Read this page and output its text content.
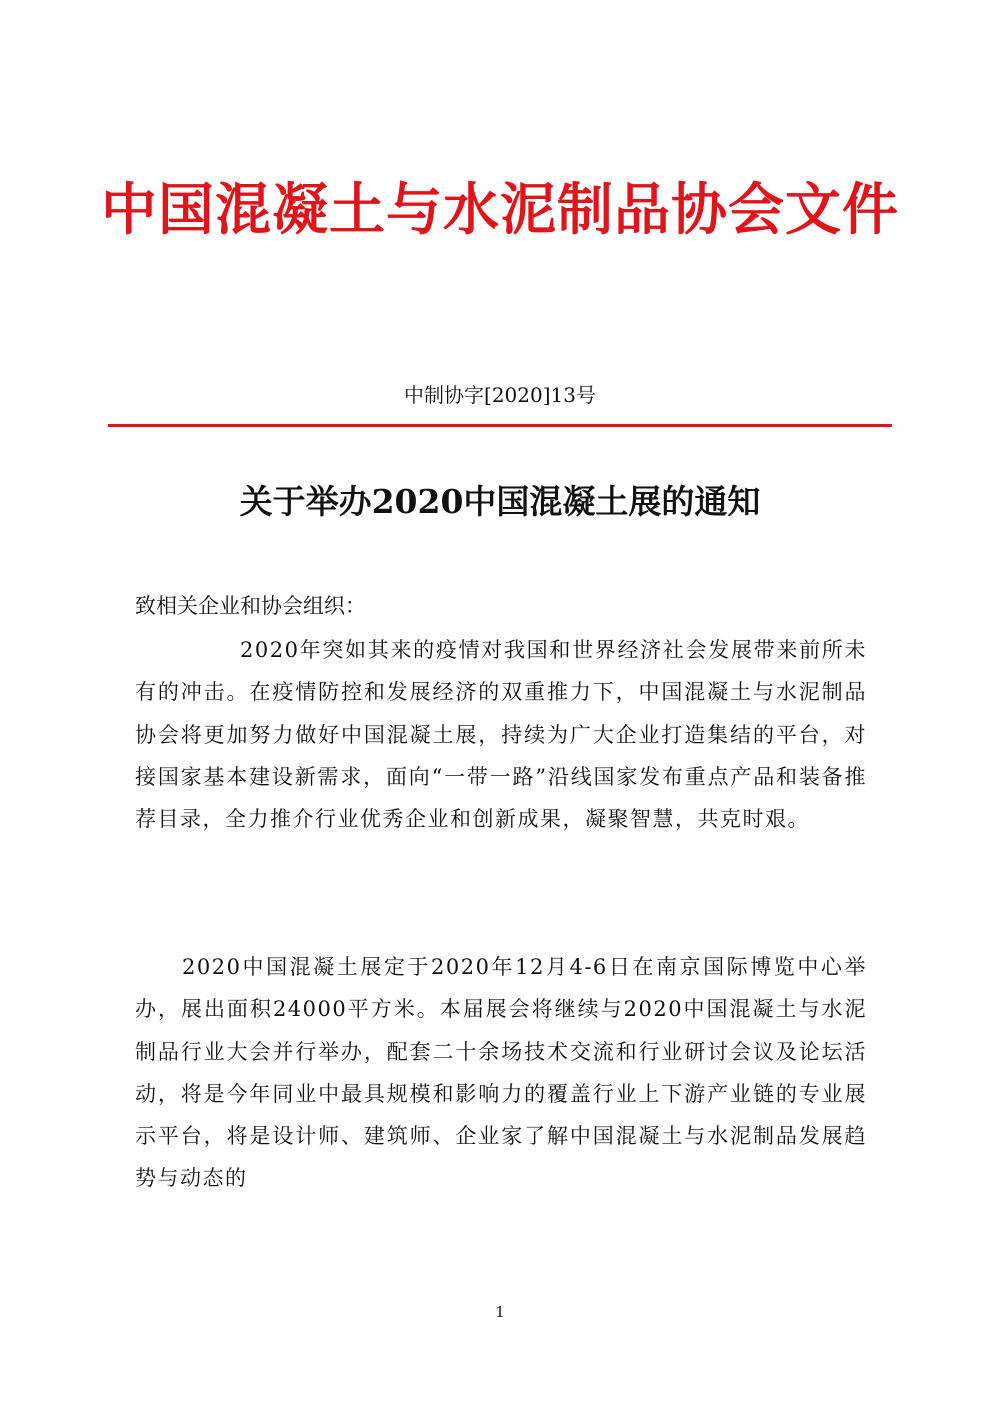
中国混凝土与水泥制品协会文件
中制协字[2020]13号
关于举办2020中国混凝土展的通知
致相关企业和协会组织：
2020年突如其来的疫情对我国和世界经济社会发展带来前所未有的冲击。在疫情防控和发展经济的双重推力下，中国混凝土与水泥制品协会将更加努力做好中国混凝土展，持续为广大企业打造集结的平台，对接国家基本建设新需求，面向“一带一路”沿线国家发布重点产品和装备推荐目录，全力推介行业优秀企业和创新成果，凝聚智慧，共克时艰。
2020中国混凝土展定于2020年12月4-6日在南京国际博览中心举办，展出面积24000平方米。本届展会将继续与2020中国混凝土与水泥制品行业大会并行举办，配套二十余场技术交流和行业研讨会议及论坛活动，将是今年同业中最具规模和影响力的覆盖行业上下游产业链的专业展示平台，将是设计师、建筑师、企业家了解中国混凝土与水泥制品发展趋势与动态的
1
